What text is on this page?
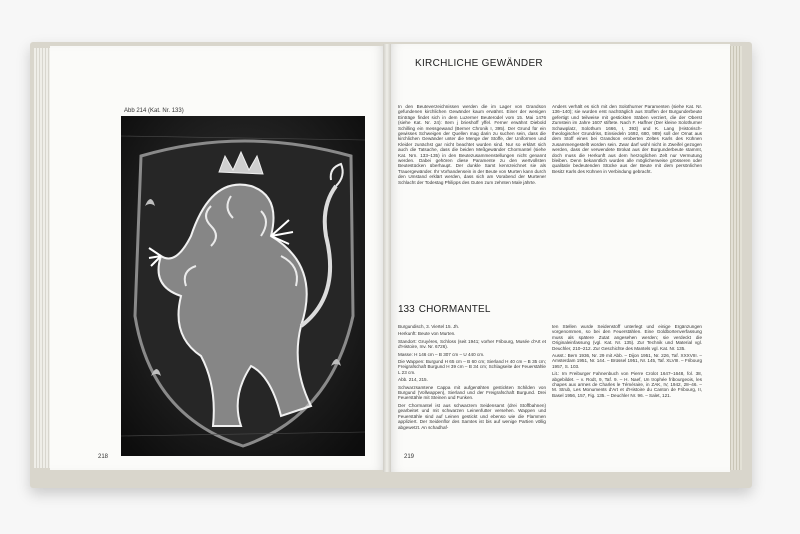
Abb 214 (Kat. Nr. 133)
218
KIRCHLICHE GEWÄNDER
In den Beuteverzeichnissen werden die im Lager von Grandson gefundenen kirchlichen Gewänder kaum erwähnt. Einer der wenigen Einträge findet sich in dem Luzerner Beuterodel vom 15. Mai 1476 (siehe Kat. Nr. 24): Item j brieshoff yffel. Ferner erwähnt Diebold Schilling ein messgewand (Berner Chronik I, 395). Der Grund für ein gewisses Schweigen der Quellen mag darin zu suchen sein, dass die kirchlichen Gewänder unter die Menge der Stoffe, der Uniformen und Kleider zunächst gar nicht beachtet wurden sind. Nur so erklärt sich auch die Tatsache, dass die beiden Meßgewänder Chormantel (siehe Kat. Nrn. 133–135) in den Beutezusammenstellungen nicht genannt werden. Dabei gehören diese Paramente zu den wertvollsten Beutestücken überhaupt. Der dunkle Samt kennzeichnet sie als Trauergewänder. Ihr Vorhandensein in der Beute von Murten kann durch den Umstand erklärt werden, dass sich am Vorabend der Murtener Schlacht der Todestag Philipps des Guten zum zehnten Male jährte.
Anders verhält es sich mit den Solothurner Paramenten (siehe Kat. Nr. 136–140); sie wurden erst nachträglich aus Stoffen der Burgunderbeute gefertigt und teilweise mit gestickten Stäben verziert, die der Oberst Zumstein im Jahre 1607 stiftete. Nach F. Haffner (Der kleine Solothurner Schawplatz, Solothurn 1666, I, 393) und K. Lang (Historisch-theologischer Grundriss, Einsiedeln 1692, 680, 989) soll der Ornat aus dem Stoff eines bei Grandson eroberten Zeltes Karls des Kühnen zusammengestellt worden sein. Zwar darf wohl nicht in Zweifel gezogen werden, dass der verwendete Brokat aus der Burgunderbeute stammt, doch muss die Herkunft aus dem herzoglichen Zelt nur Vermutung bleiben. Denn bekanntlich wurden alle möglicherweise grösseren oder qualitativ bedeutenden Stücke aus der Beute mit dem persönlichen Besitz Karls des Kühnen in Verbindung gebracht.
133 CHORMANTEL

Burgundisch, 3. Viertel 15. Jh.

Herkunft: Beute von Murten.

Standort: Gruyères, Schloss (seit 1941; vorher Fribourg, Musée d'Art et d'Histoire, Inv. Nr. 6726).

Masse: H 146 cm – B 307 cm – U 440 cm.

Die Wappen: Burgund H 65 cm – B 60 cm; Sierland H 40 cm – B 35 cm; Freigrafschaft Burgund H 39 cm – B 34 cm; Schlagseite der Feuerstähle L 23 cm.

Abb. 214, 215.

Schwarzsamtene Cappa mit aufgenähten gestickten Schilden von Burgund (Vollwappen), Sierland und der Freigrafschaft Burgund. Drei Feuerstähle mit Steinen und Funken.

Der Chormantel ist aus schwarzem Seidensamt (drei Stoffbahnen) gearbeitet und mit schwarzen Leinenfutter versehen. Wappen und Feuerstähle sind auf Leinen gestickt und ebenso wie die Flammen appliziert. Der Seidenflor des Samtes ist bis auf wenige Partien völlig abgewetzt. An schadhaf-

ten Stellen wurde Seidenstoff unterlegt und einige Ergänzungen vorgenommen, so bei den Feuerstählen. Eine Goldbortenverfassung muss als spätere Zutat angesehen werden; sie verdeckt die Originaleinfassung (vgl. Kat. Nr. 135). Zur Technik und Material vgl. Deuchler, 210–212. Zur Geschichte des Mantels vgl. Kat. Nr. 135.

Ausst.: Bern 1936, Nr. 29 mit Abb. – Dijon 1951, Nr. 226, Taf. XXXVIII. – Amsterdam 1951, Nr. 144. – Brüssel 1951, Nr. 145, Taf. XLVIII. – Fribourg 1957, S. 103.

Lit.: Im Freiburger Fahnenbuch von Pierre Crolot 1647–1648, fol. 38, abgebildet. – v. Rodt, 9, Taf. 9. – H. Naef, Un trophée fribourgeois, les chapes aux armes de Charles le Téméraire, in ZAK, IV, 1942, 28–46. – M. Strub, Les Monuments d'Art et d'Histoire du Canton de Fribourg, II, Basel 1956, 157, Fig. 135. – Deuchler Nr. 96. – Salet, 121.

219
